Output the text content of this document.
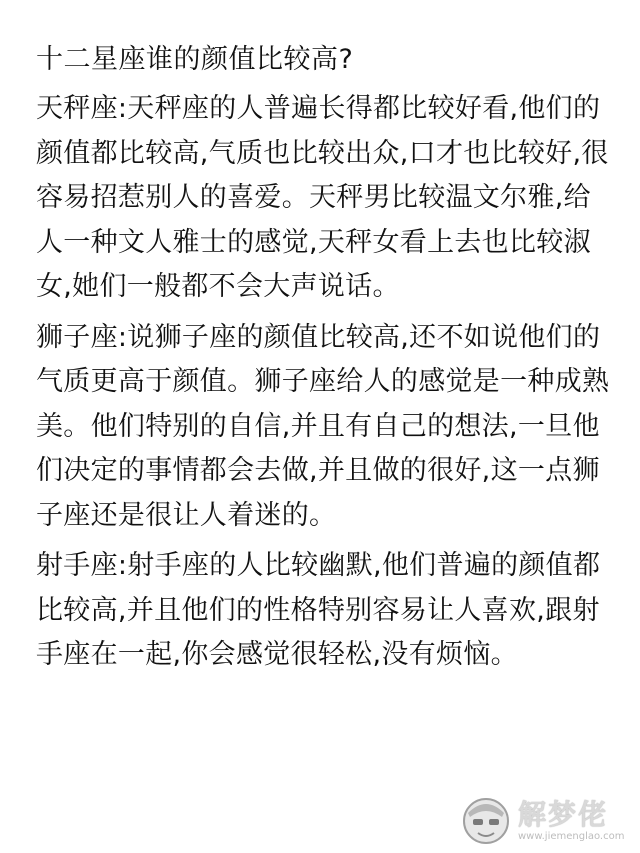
十二星座谁的颜值比较高?
天秤座:天秤座的人普遍长得都比较好看,他们的颜值都比较高,气质也比较出众,口才也比较好,很容易招惹别人的喜爱。天秤男比较温文尔雅,给人一种文人雅士的感觉,天秤女看上去也比较淑女,她们一般都不会大声说话。
狮子座:说狮子座的颜值比较高,还不如说他们的气质更高于颜值。狮子座给人的感觉是一种成熟美。他们特别的自信,并且有自己的想法,一旦他们决定的事情都会去做,并且做的很好,这一点狮子座还是很让人着迷的。
射手座:射手座的人比较幽默,他们普遍的颜值都比较高,并且他们的性格特别容易让人喜欢,跟射手座在一起,你会感觉很轻松,没有烦恼。
解梦佬
www.jiemenglao.com
